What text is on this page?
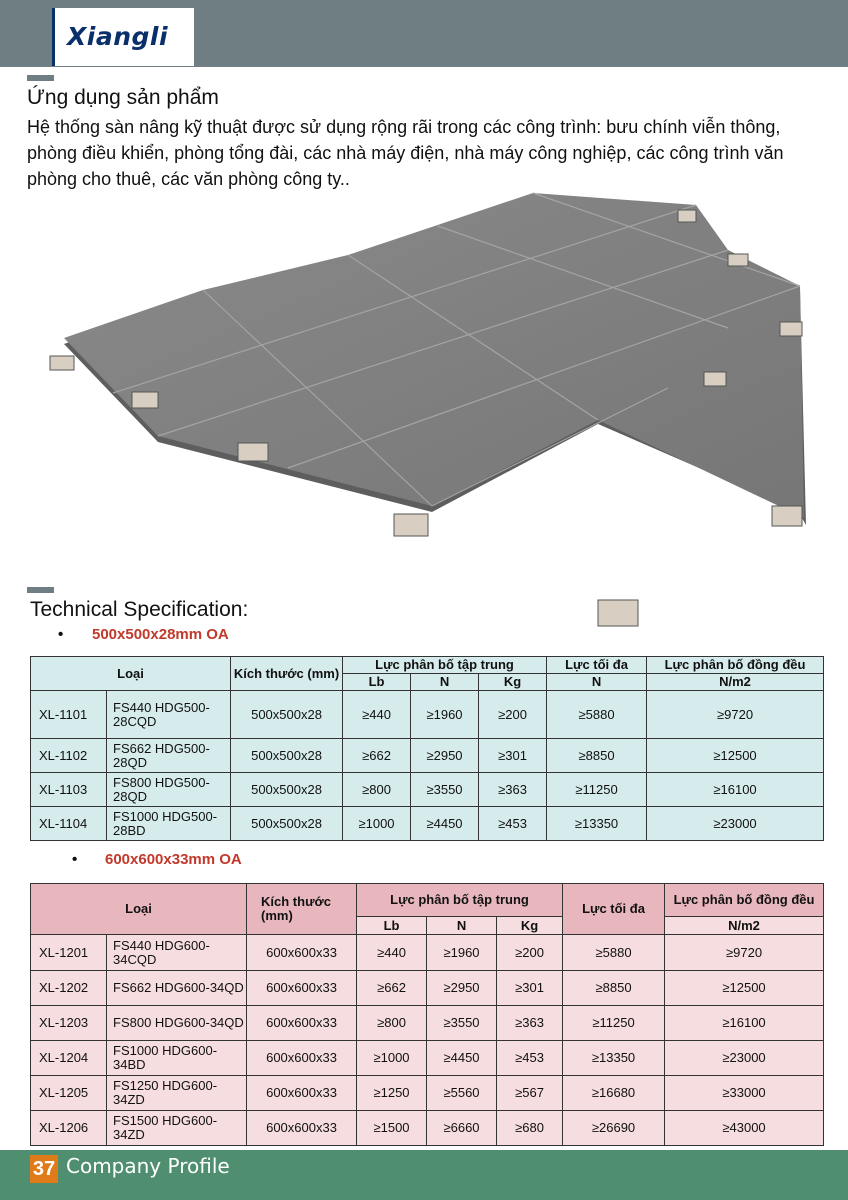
Xiangli
Ứng dụng sản phẩm
Hệ thống sàn nâng kỹ thuật được sử dụng rộng rãi trong các công trình: bưu chính viễn thông, phòng điều khiển, phòng tổng đài, các nhà máy điện, nhà máy công nghiệp, các công trình văn phòng cho thuê, các văn phòng công ty..
Technical Specification:
• 500x500x28mm OA
Loại		Kích thước (mm)	Lực phân bố tập trung			Lực tối đa	Lực phân bố đồng đều
			Lb	N	Kg	N	N/m2
XL-1101	FS440 HDG500-28CQD	500x500x28	≥440	≥1960	≥200	≥5880	≥9720
XL-1102	FS662 HDG500-28QD	500x500x28	≥662	≥2950	≥301	≥8850	≥12500
XL-1103	FS800 HDG500-28QD	500x500x28	≥800	≥3550	≥363	≥11250	≥16100
XL-1104	FS1000 HDG500-28BD	500x500x28	≥1000	≥4450	≥453	≥13350	≥23000
• 600x600x33mm OA
Loại		Kích thước (mm)	Lực phân bố tập trung			Lực tối đa	Lực phân bố đồng đều
			Lb	N	Kg		N/m2
XL-1201	FS440 HDG600-34CQD	600x600x33	≥440	≥1960	≥200	≥5880	≥9720
XL-1202	FS662 HDG600-34QD	600x600x33	≥662	≥2950	≥301	≥8850	≥12500
XL-1203	FS800 HDG600-34QD	600x600x33	≥800	≥3550	≥363	≥11250	≥16100
XL-1204	FS1000 HDG600-34BD	600x600x33	≥1000	≥4450	≥453	≥13350	≥23000
XL-1205	FS1250 HDG600-34ZD	600x600x33	≥1250	≥5560	≥567	≥16680	≥33000
XL-1206	FS1500 HDG600-34ZD	600x600x33	≥1500	≥6660	≥680	≥26690	≥43000
37 Company Profile
